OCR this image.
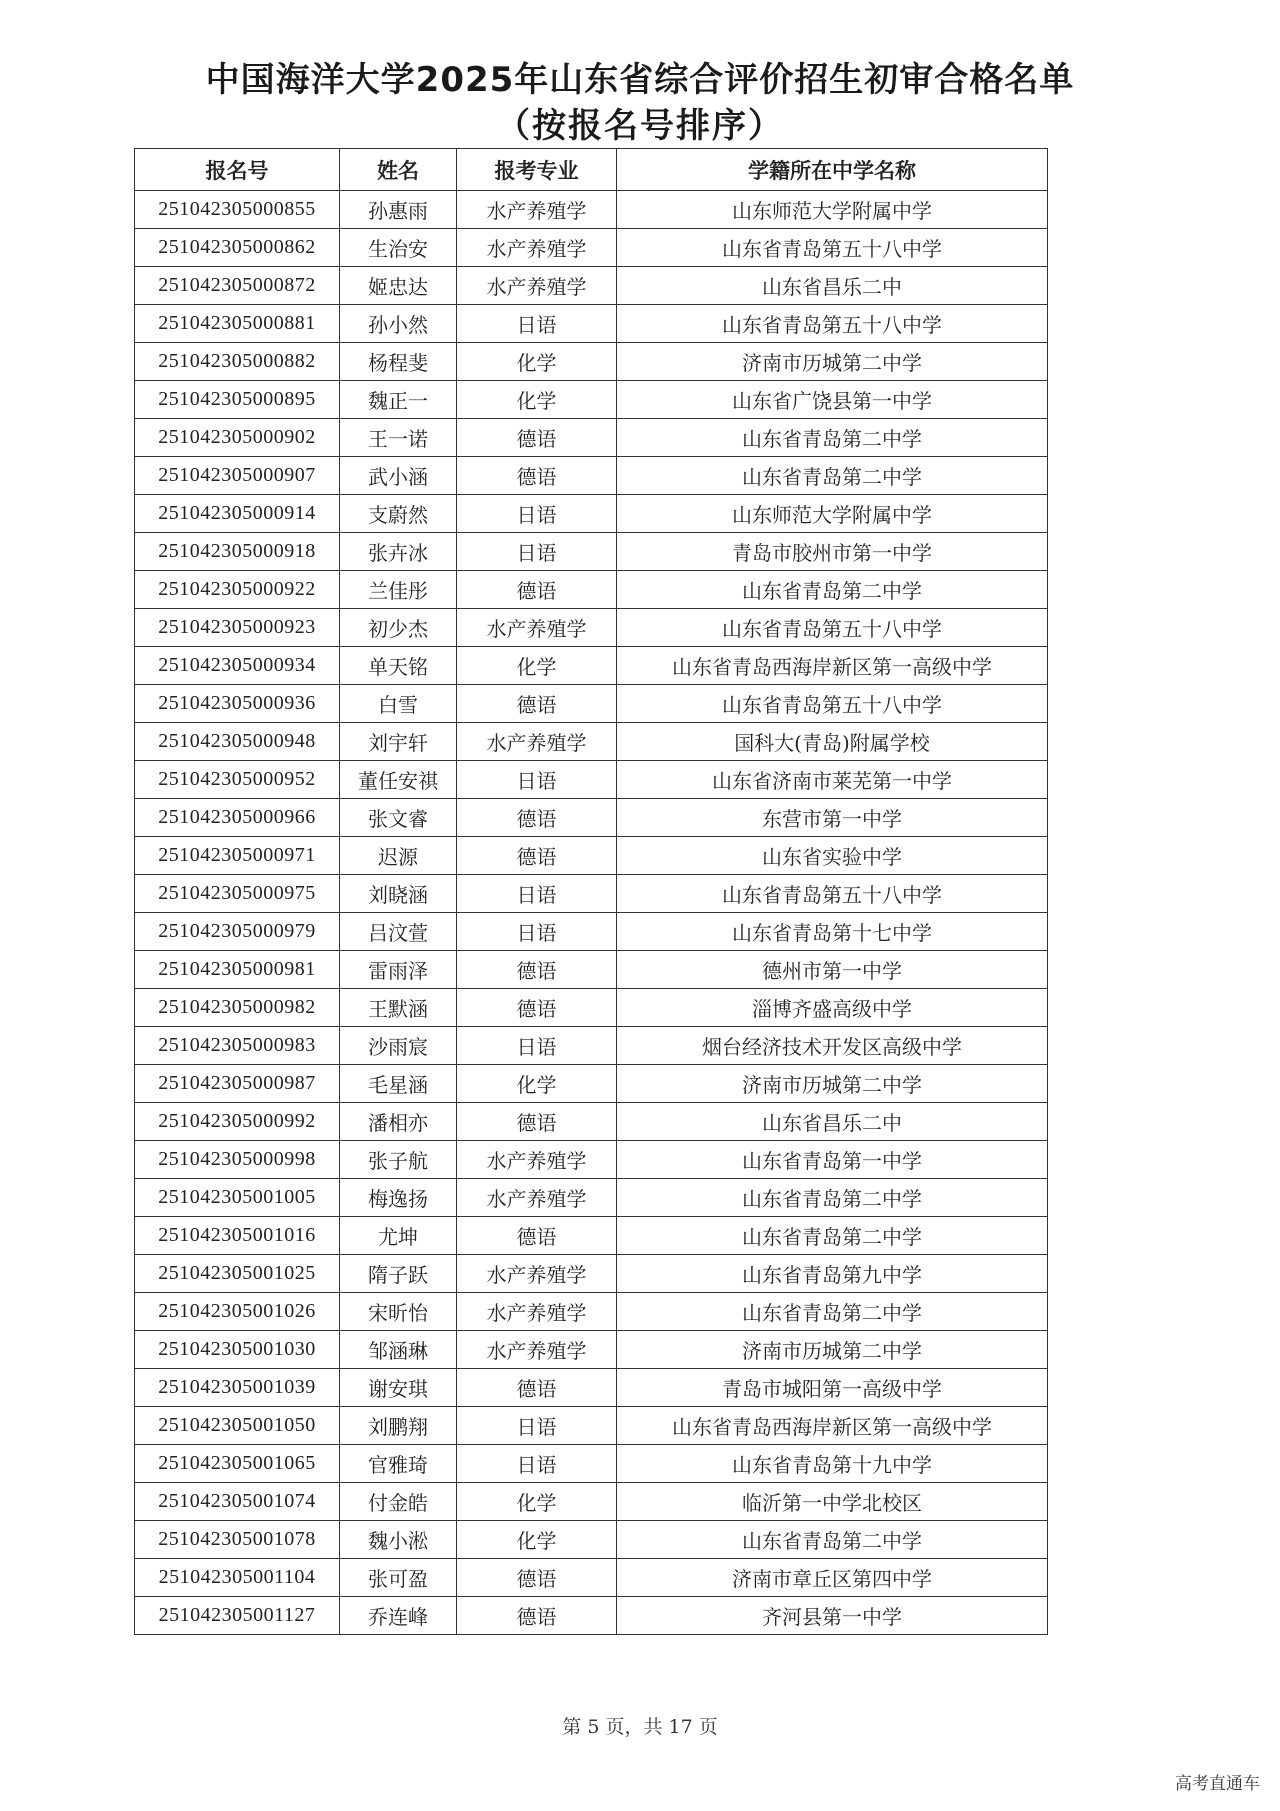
中国海洋大学2025年山东省综合评价招生初审合格名单
（按报名号排序）
报名号	姓名	报考专业	学籍所在中学名称
251042305000855	孙惠雨	水产养殖学	山东师范大学附属中学
251042305000862	生治安	水产养殖学	山东省青岛第五十八中学
251042305000872	姬忠达	水产养殖学	山东省昌乐二中
251042305000881	孙小然	日语	山东省青岛第五十八中学
251042305000882	杨程斐	化学	济南市历城第二中学
251042305000895	魏正一	化学	山东省广饶县第一中学
251042305000902	王一诺	德语	山东省青岛第二中学
251042305000907	武小涵	德语	山东省青岛第二中学
251042305000914	支蔚然	日语	山东师范大学附属中学
251042305000918	张卉冰	日语	青岛市胶州市第一中学
251042305000922	兰佳彤	德语	山东省青岛第二中学
251042305000923	初少杰	水产养殖学	山东省青岛第五十八中学
251042305000934	单天铭	化学	山东省青岛西海岸新区第一高级中学
251042305000936	白雪	德语	山东省青岛第五十八中学
251042305000948	刘宇轩	水产养殖学	国科大(青岛)附属学校
251042305000952	董任安祺	日语	山东省济南市莱芜第一中学
251042305000966	张文睿	德语	东营市第一中学
251042305000971	迟源	德语	山东省实验中学
251042305000975	刘晓涵	日语	山东省青岛第五十八中学
251042305000979	吕汶萱	日语	山东省青岛第十七中学
251042305000981	雷雨泽	德语	德州市第一中学
251042305000982	王默涵	德语	淄博齐盛高级中学
251042305000983	沙雨宸	日语	烟台经济技术开发区高级中学
251042305000987	毛星涵	化学	济南市历城第二中学
251042305000992	潘相亦	德语	山东省昌乐二中
251042305000998	张子航	水产养殖学	山东省青岛第一中学
251042305001005	梅逸扬	水产养殖学	山东省青岛第二中学
251042305001016	尤坤	德语	山东省青岛第二中学
251042305001025	隋子跃	水产养殖学	山东省青岛第九中学
251042305001026	宋昕怡	水产养殖学	山东省青岛第二中学
251042305001030	邹涵琳	水产养殖学	济南市历城第二中学
251042305001039	谢安琪	德语	青岛市城阳第一高级中学
251042305001050	刘鹏翔	日语	山东省青岛西海岸新区第一高级中学
251042305001065	官雅琦	日语	山东省青岛第十九中学
251042305001074	付金皓	化学	临沂第一中学北校区
251042305001078	魏小淞	化学	山东省青岛第二中学
251042305001104	张可盈	德语	济南市章丘区第四中学
251042305001127	乔连峰	德语	齐河县第一中学
第 5 页，共 17 页
高考直通车
